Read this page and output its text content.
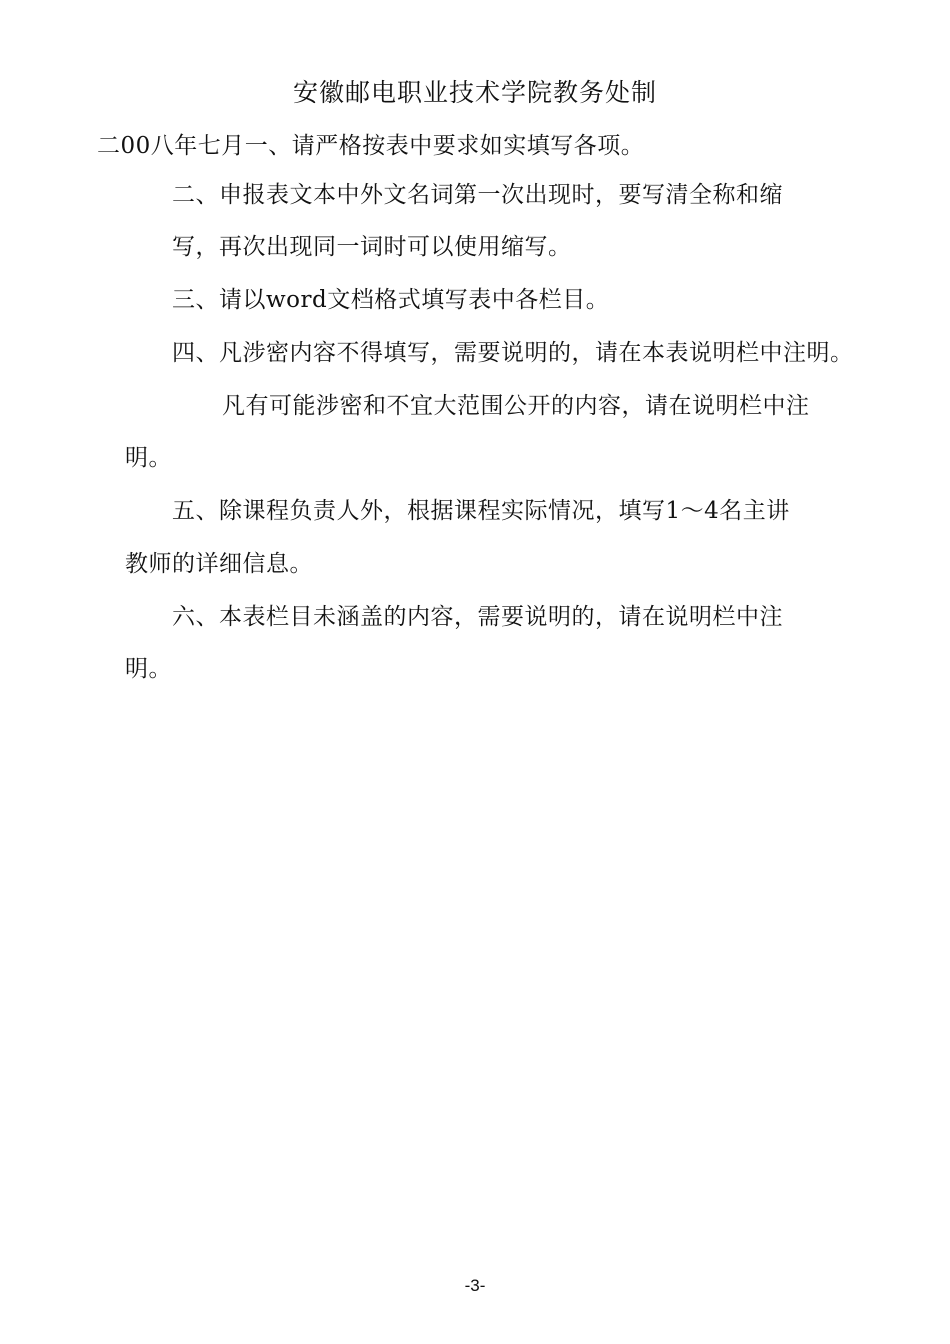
安徽邮电职业技术学院教务处制
二00八年七月一、请严格按表中要求如实填写各项。
二、申报表文本中外文名词第一次出现时，要写清全称和缩
写，再次出现同一词时可以使用缩写。
三、请以word文档格式填写表中各栏目。
四、凡涉密内容不得填写，需要说明的，请在本表说明栏中注明。
凡有可能涉密和不宜大范围公开的内容，请在说明栏中注
明。
五、除课程负责人外，根据课程实际情况，填写1〜4名主讲
教师的详细信息。
六、本表栏目未涵盖的内容，需要说明的，请在说明栏中注
明。
-3-
